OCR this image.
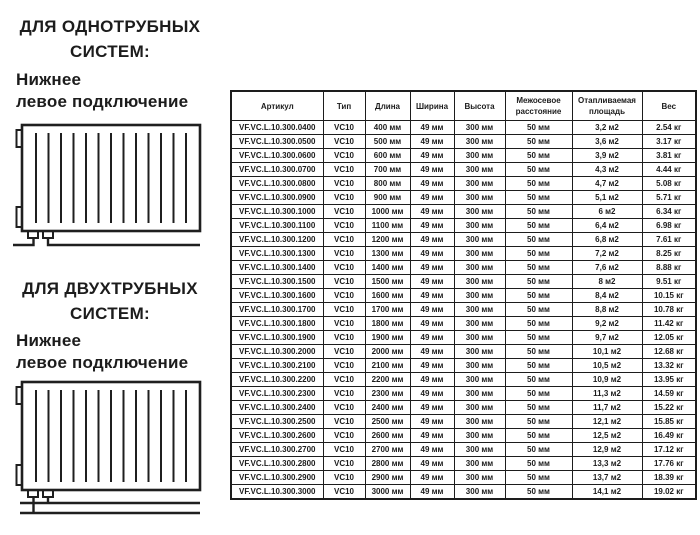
ДЛЯ ОДНОТРУБНЫХ
СИСТЕМ:
Нижнее
левое подключение
ДЛЯ ДВУХТРУБНЫХ
СИСТЕМ:
Нижнее
левое подключение
Артикул	Тип	Длина	Ширина	Высота	Межосевое расстояние	Отапливаемая площадь	Вес
VF.VC.L.10.300.0400	VC10	400 мм	49 мм	300 мм	50 мм	3,2 м2	2.54 кг
VF.VC.L.10.300.0500	VC10	500 мм	49 мм	300 мм	50 мм	3,6 м2	3.17 кг
VF.VC.L.10.300.0600	VC10	600 мм	49 мм	300 мм	50 мм	3,9 м2	3.81 кг
VF.VC.L.10.300.0700	VC10	700 мм	49 мм	300 мм	50 мм	4,3 м2	4.44 кг
VF.VC.L.10.300.0800	VC10	800 мм	49 мм	300 мм	50 мм	4,7 м2	5.08 кг
VF.VC.L.10.300.0900	VC10	900 мм	49 мм	300 мм	50 мм	5,1 м2	5.71 кг
VF.VC.L.10.300.1000	VC10	1000 мм	49 мм	300 мм	50 мм	6 м2	6.34 кг
VF.VC.L.10.300.1100	VC10	1100 мм	49 мм	300 мм	50 мм	6,4 м2	6.98 кг
VF.VC.L.10.300.1200	VC10	1200 мм	49 мм	300 мм	50 мм	6,8 м2	7.61 кг
VF.VC.L.10.300.1300	VC10	1300 мм	49 мм	300 мм	50 мм	7,2 м2	8.25 кг
VF.VC.L.10.300.1400	VC10	1400 мм	49 мм	300 мм	50 мм	7,6 м2	8.88 кг
VF.VC.L.10.300.1500	VC10	1500 мм	49 мм	300 мм	50 мм	8 м2	9.51 кг
VF.VC.L.10.300.1600	VC10	1600 мм	49 мм	300 мм	50 мм	8,4 м2	10.15 кг
VF.VC.L.10.300.1700	VC10	1700 мм	49 мм	300 мм	50 мм	8,8 м2	10.78 кг
VF.VC.L.10.300.1800	VC10	1800 мм	49 мм	300 мм	50 мм	9,2 м2	11.42 кг
VF.VC.L.10.300.1900	VC10	1900 мм	49 мм	300 мм	50 мм	9,7 м2	12.05 кг
VF.VC.L.10.300.2000	VC10	2000 мм	49 мм	300 мм	50 мм	10,1 м2	12.68 кг
VF.VC.L.10.300.2100	VC10	2100 мм	49 мм	300 мм	50 мм	10,5 м2	13.32 кг
VF.VC.L.10.300.2200	VC10	2200 мм	49 мм	300 мм	50 мм	10,9 м2	13.95 кг
VF.VC.L.10.300.2300	VC10	2300 мм	49 мм	300 мм	50 мм	11,3 м2	14.59 кг
VF.VC.L.10.300.2400	VC10	2400 мм	49 мм	300 мм	50 мм	11,7 м2	15.22 кг
VF.VC.L.10.300.2500	VC10	2500 мм	49 мм	300 мм	50 мм	12,1 м2	15.85 кг
VF.VC.L.10.300.2600	VC10	2600 мм	49 мм	300 мм	50 мм	12,5 м2	16.49 кг
VF.VC.L.10.300.2700	VC10	2700 мм	49 мм	300 мм	50 мм	12,9 м2	17.12 кг
VF.VC.L.10.300.2800	VC10	2800 мм	49 мм	300 мм	50 мм	13,3 м2	17.76 кг
VF.VC.L.10.300.2900	VC10	2900 мм	49 мм	300 мм	50 мм	13,7 м2	18.39 кг
VF.VC.L.10.300.3000	VC10	3000 мм	49 мм	300 мм	50 мм	14,1 м2	19.02 кг
